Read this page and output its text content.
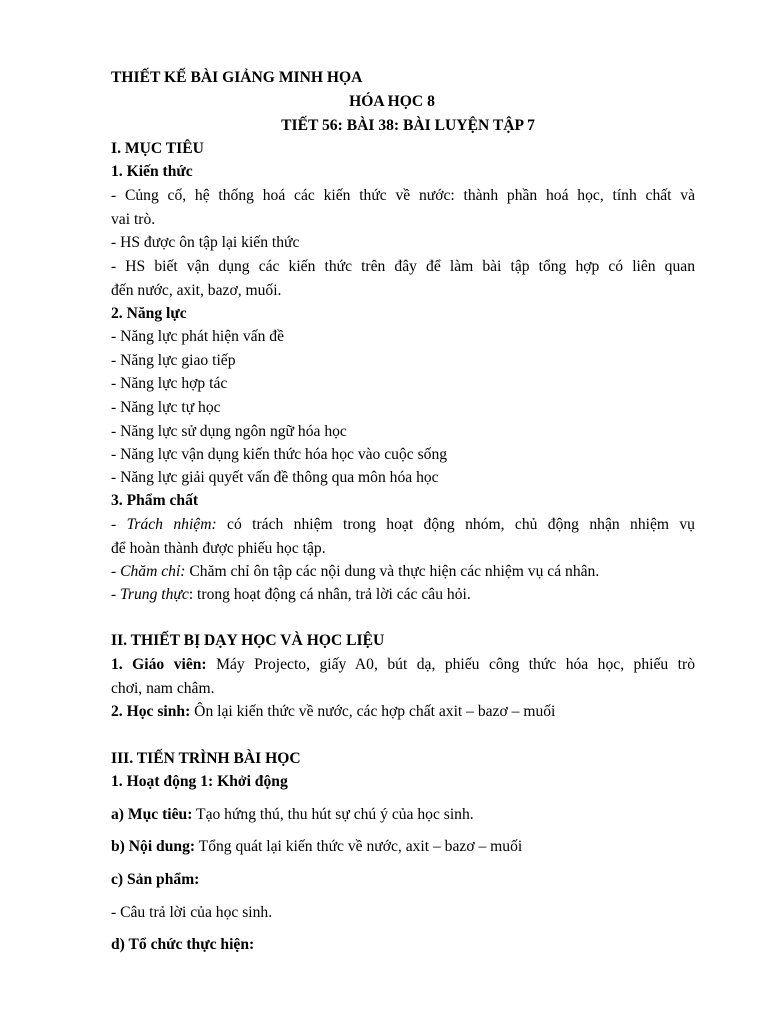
THIẾT KẾ BÀI GIẢNG MINH HỌA
HÓA HỌC 8
TIẾT 56: BÀI 38: BÀI LUYỆN TẬP 7
I. MỤC TIÊU
1. Kiến thức
- Củng cố, hệ thống hoá các kiến thức về nước: thành phần hoá học, tính chất và
vai trò.
- HS được ôn tập lại kiến thức
- HS biết vận dụng các kiến thức trên đây để làm bài tập tổng hợp có liên quan
đến nước, axit, bazơ, muối.
2. Năng lực
- Năng lực phát hiện vấn đề
- Năng lực giao tiếp
- Năng lực hợp tác
- Năng lực tự học
- Năng lực sử dụng ngôn ngữ hóa học
- Năng lực vận dụng kiến thức hóa học vào cuộc sống
- Năng lực giải quyết vấn đề thông qua môn hóa học
3. Phẩm chất
- Trách nhiệm: có trách nhiệm trong hoạt động nhóm, chủ động nhận nhiệm vụ
để hoàn thành được phiếu học tập.
- Chăm chỉ: Chăm chỉ ôn tập các nội dung và thực hiện các nhiệm vụ cá nhân.
- Trung thực: trong hoạt động cá nhân, trả lời các câu hỏi.
II. THIẾT BỊ DẠY HỌC VÀ HỌC LIỆU
1. Giáo viên: Máy Projecto, giấy A0, bút dạ, phiếu công thức hóa học, phiếu trò
chơi, nam châm.
2. Học sinh: Ôn lại kiến thức về nước, các hợp chất axit – bazơ – muối
III. TIẾN TRÌNH BÀI HỌC
1. Hoạt động 1: Khởi động
a) Mục tiêu: Tạo hứng thú, thu hút sự chú ý của học sinh.
b) Nội dung: Tổng quát lại kiến thức về nước, axit – bazơ – muối
c) Sản phẩm:
- Câu trả lời của học sinh.
d) Tổ chức thực hiện:
